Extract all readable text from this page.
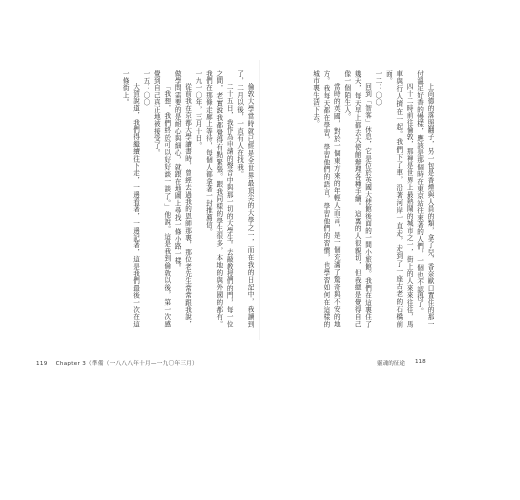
倫敦大學當時就已經是全世界最頂尖的大學之一，而在我的日記中，我讀到了，二月以後，一直有人在找我。

二十五日，我作為申請的聲音中與那一切的大學生。去敲教授們的門，每一位之間，老實說我都覺得有點緊張。跟我同樣的學生很多，本地的與外國的都有。我們在那條走廊上等待，每個人都拿著一封推薦信。

一九一〇年，三月十日。

從前我在京都大學讀書時，曾經去過我的恩師那裏，那位老先生常常跟我說，做學問需要的是耐心與細心，就跟在地圖上尋找一條小路一樣。

「我想，我們終於可以好好談一談了。」他說。這是我到倫敦以後，第一次感覺到自己真正地被接受了。

一五：〇〇

大賀說道，我們得繼續往下走，一邊看著，一邊記著，這是我們最後一次在這一條街上。	上尚德的落照翻子，另一包是香煙與人員的類，拿了兒，香奈歐口置住的那一付溫足好香的慢樣，應該是那個時在東京站往來著的人們，一個也不認得了。

四十二時前往倫敦，那裡是世界上最熱鬧的城市之一，街上的人來來往往，馬車與行人擠在一起。我們下了車，沿著河岸一直走，走到了一座古老的石橋前面。

一二：〇〇

回到「智客」休息，它是位於英國大使館後面的一間小旅館。我們在這裏住了幾天，每天早上都去大使館辦理各種手續。這裏的人很親切，但我總是覺得自己像一個陌生人。

當時的英國，對於一個東方來的年輕人而言，是一個充滿了驚奇與不安的地方。我每天都在學習，學習他們的語言，學習他們的習慣，也學習如何在這樣的城市裏生活下去。

119 Chapter 3（準備（一八八八年十月—一九〇年三月）	靈魂的征途 118
